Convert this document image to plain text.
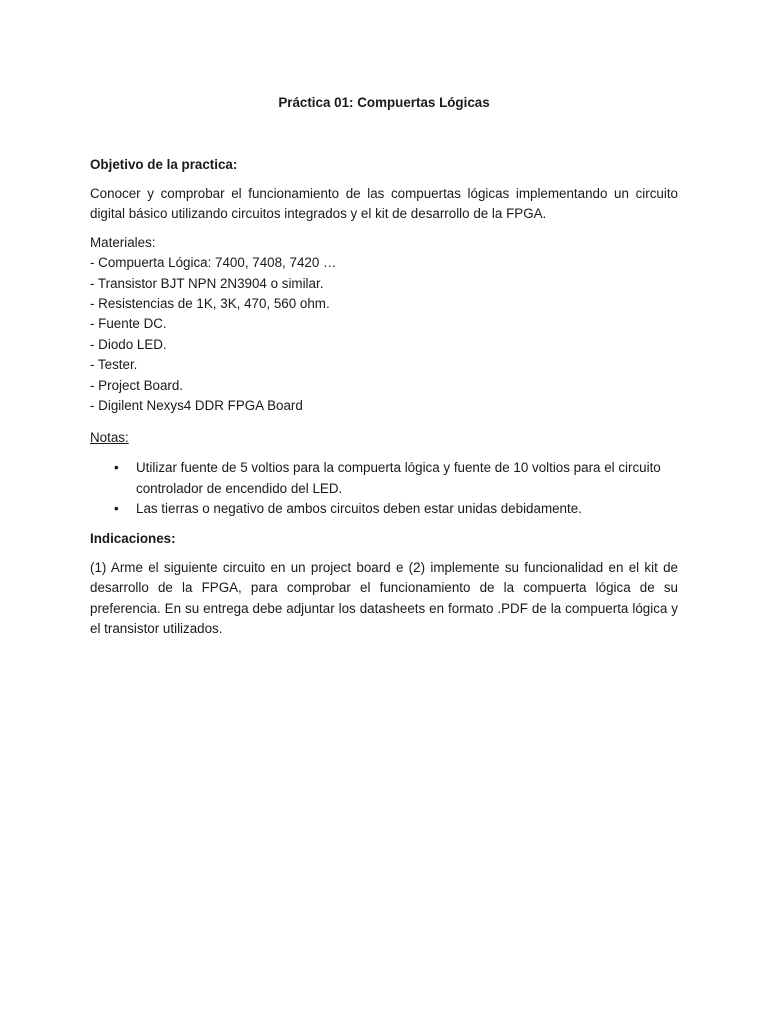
Práctica 01: Compuertas Lógicas
Objetivo de la practica:
Conocer y comprobar el funcionamiento de las compuertas lógicas implementando un circuito digital básico utilizando circuitos integrados y el kit de desarrollo de la FPGA.
Materiales:
- Compuerta Lógica: 7400, 7408, 7420 …
- Transistor BJT NPN 2N3904 o similar.
- Resistencias de 1K, 3K, 470, 560 ohm.
- Fuente DC.
- Diodo LED.
- Tester.
- Project Board.
- Digilent Nexys4 DDR FPGA Board
Notas:
• Utilizar fuente de 5 voltios para la compuerta lógica y fuente de 10 voltios para el circuito controlador de encendido del LED.
• Las tierras o negativo de ambos circuitos deben estar unidas debidamente.
Indicaciones:
(1) Arme el siguiente circuito en un project board e (2) implemente su funcionalidad en el kit de desarrollo de la FPGA, para comprobar el funcionamiento de la compuerta lógica de su preferencia. En su entrega debe adjuntar los datasheets en formato .PDF de la compuerta lógica y el transistor utilizados.
